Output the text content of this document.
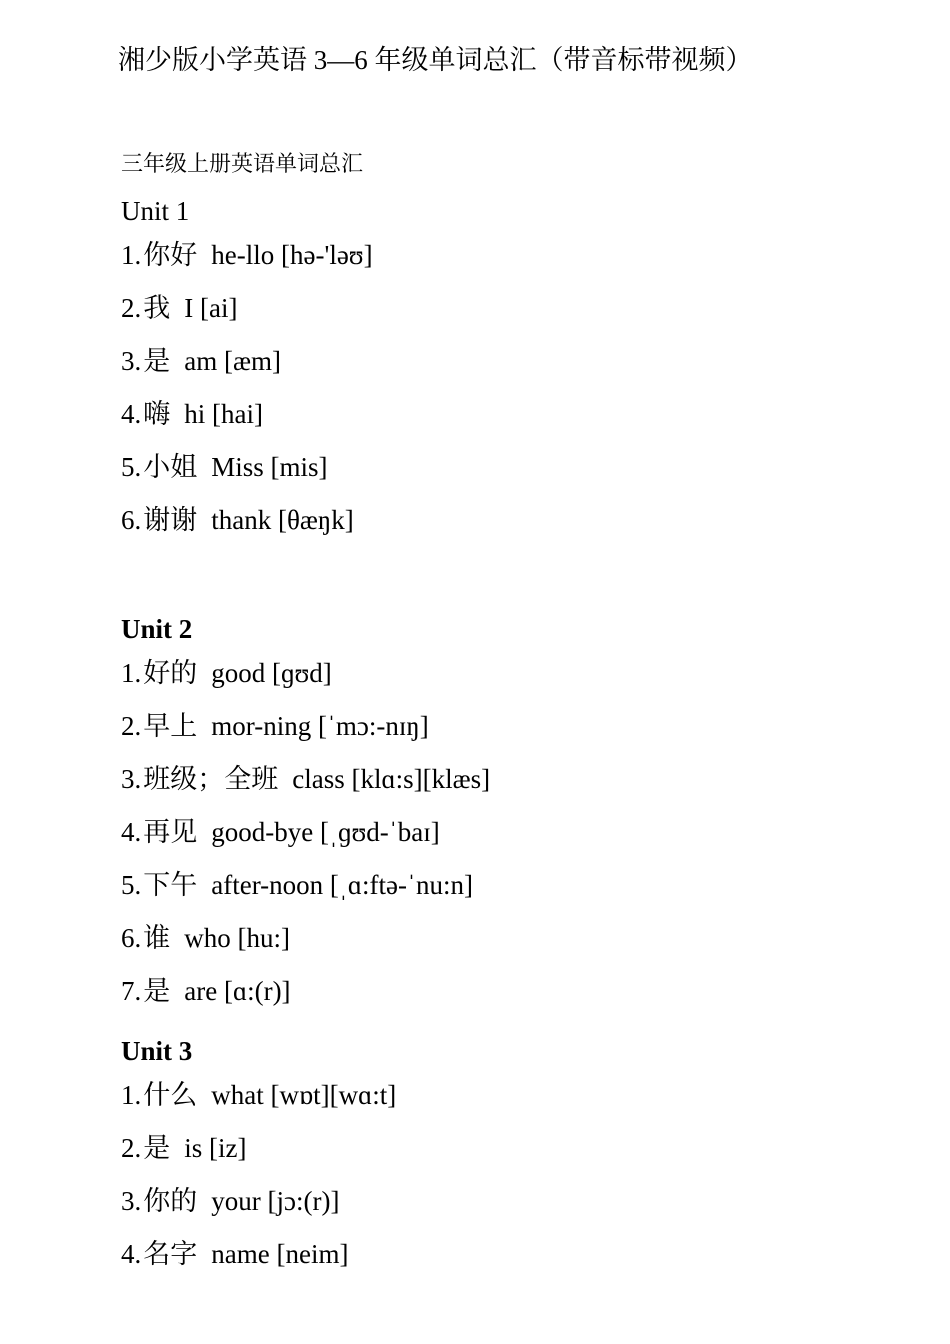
湘少版小学英语 3—6 年级单词总汇（带音标带视频）
三年级上册英语单词总汇
Unit 1
1.你好 he-llo [hə-'ləʊ]
2.我 I [ai]
3.是 am [æm]
4.嗨 hi [hai]
5.小姐 Miss [mis]
6.谢谢 thank [θæŋk]
Unit 2
1.好的 good [ɡʊd]
2.早上 mor-ning [ˈmɔ:-nɪŋ]
3.班级；全班 class [klɑ:s][klæs]
4.再见 good-bye [ˌɡʊd-ˈbaɪ]
5.下午 after-noon [ˌɑ:ftə-ˈnu:n]
6.谁 who [hu:]
7.是 are [ɑ:(r)]
Unit 3
1.什么 what [wɒt][wɑ:t]
2.是 is [iz]
3.你的 your [jɔ:(r)]
4.名字 name [neim]
